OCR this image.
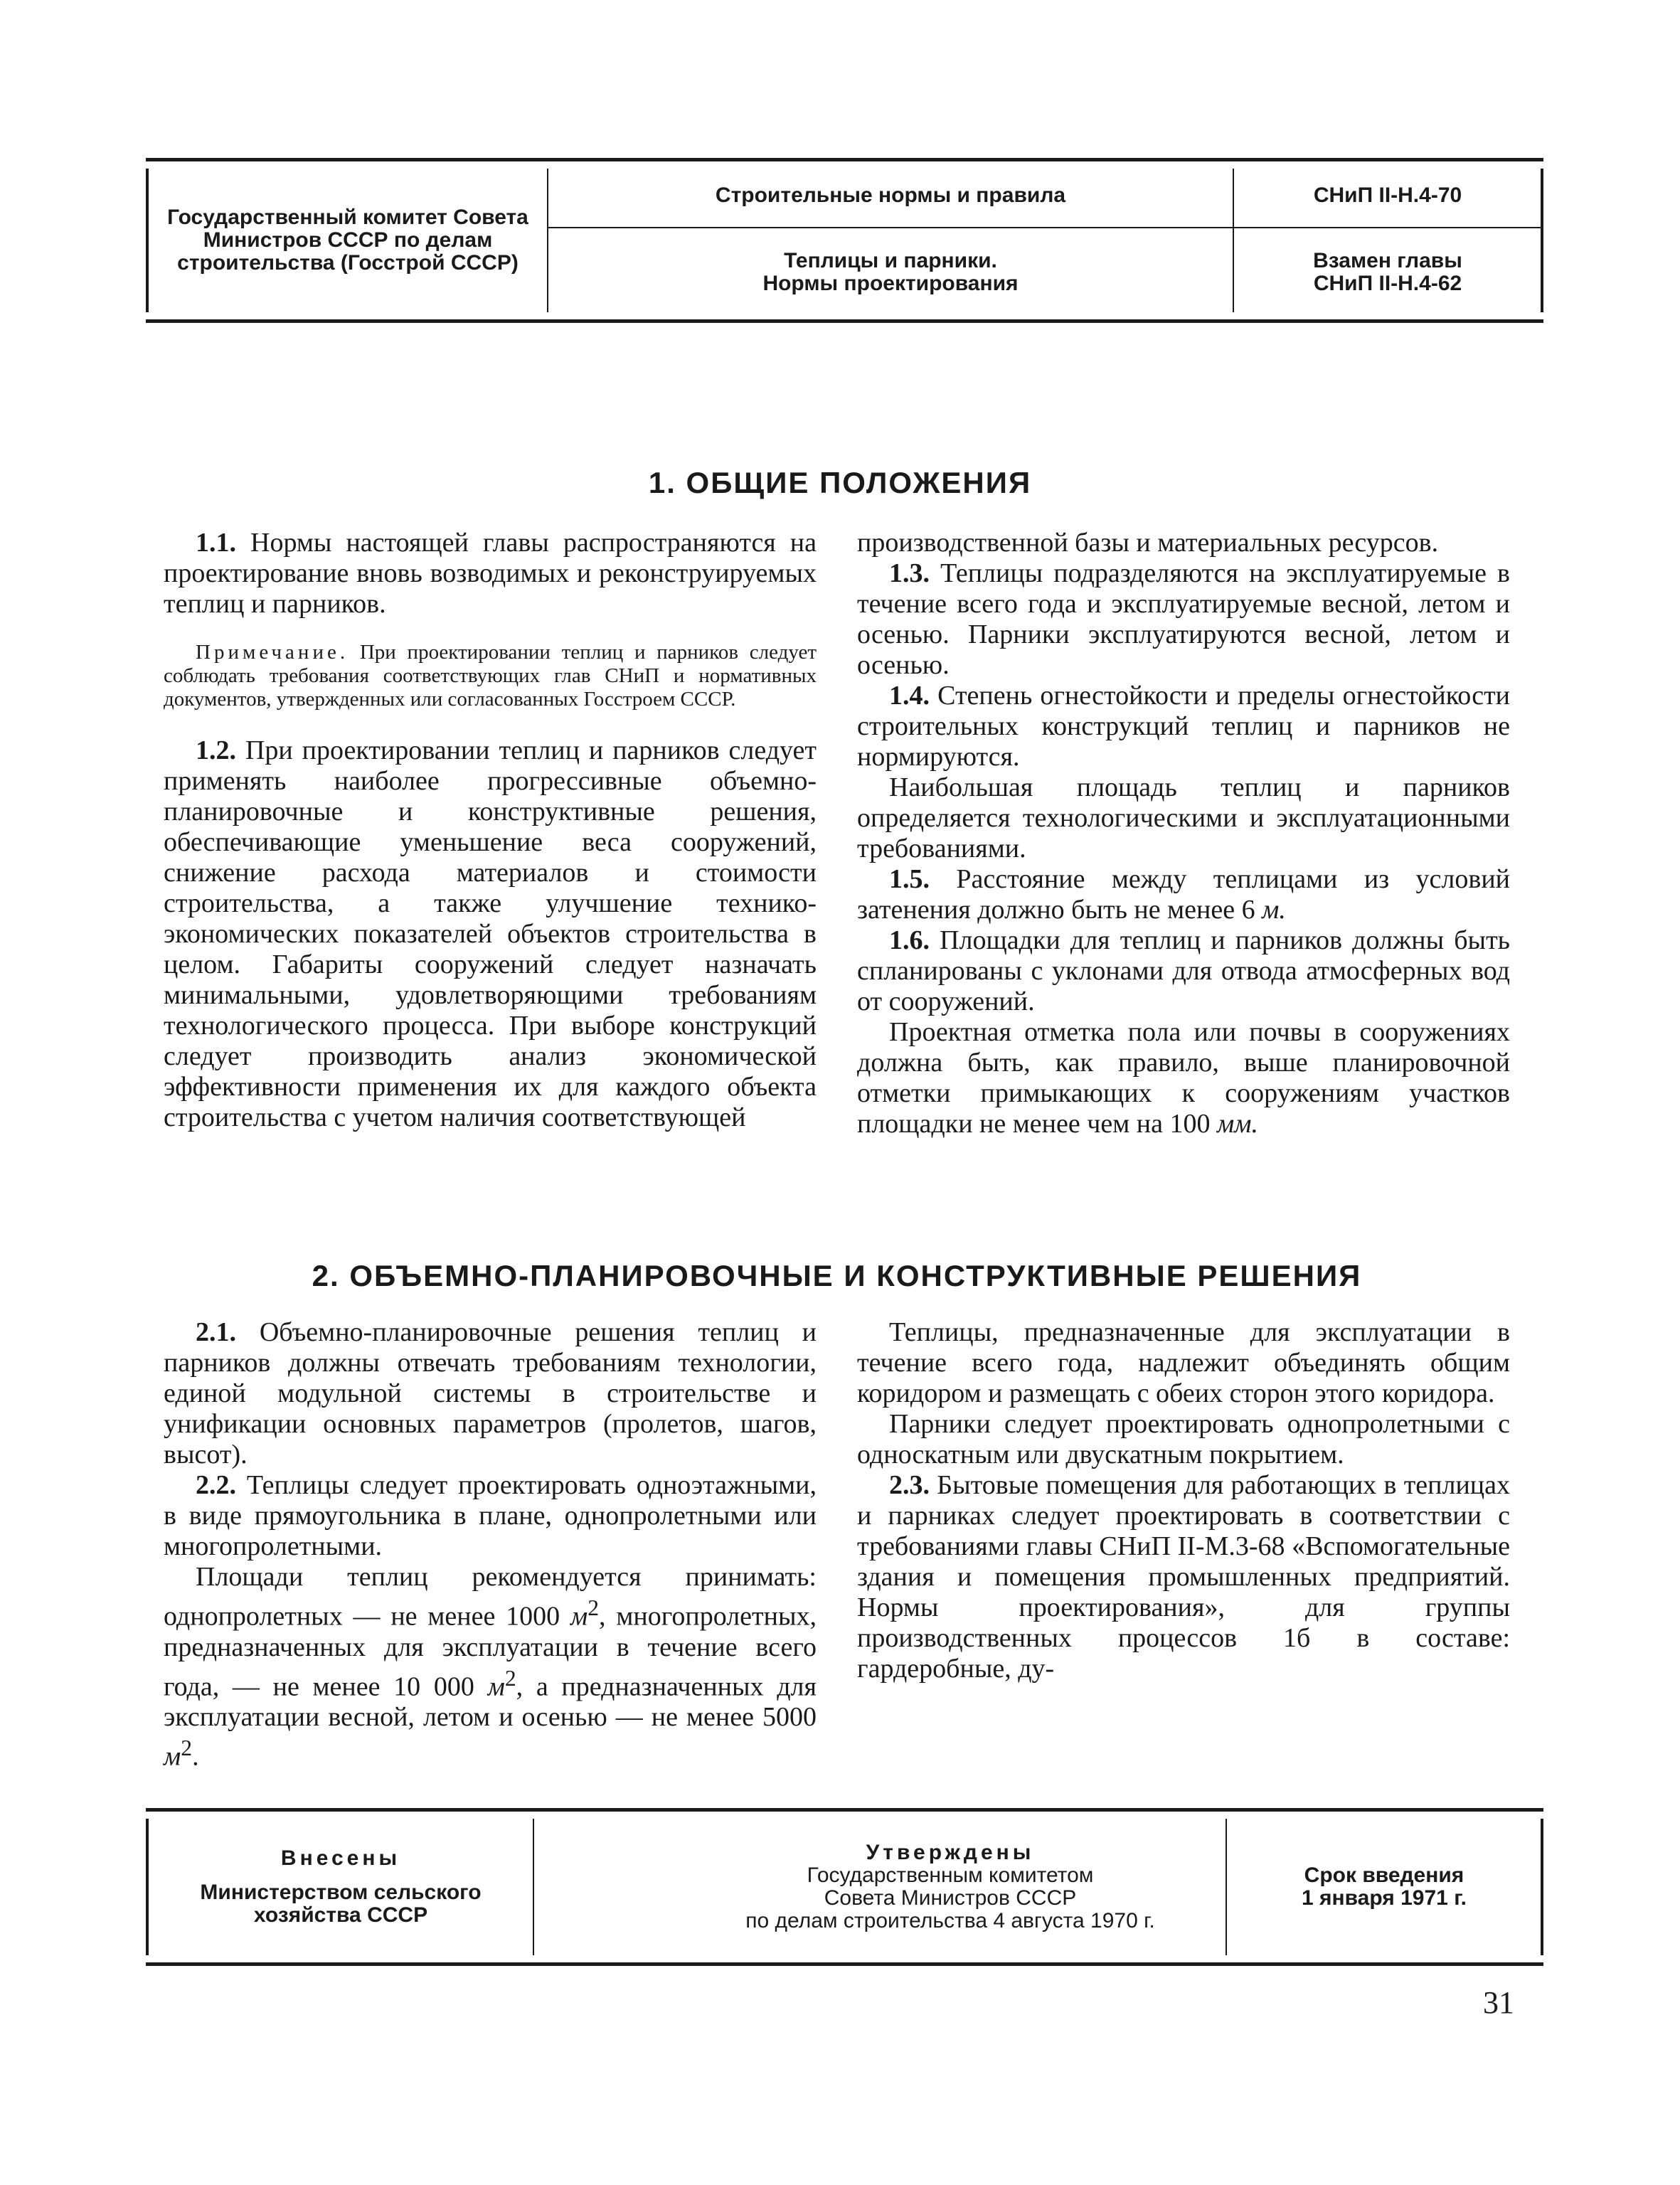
Государственный комитет Совета Министров СССР по делам строительства (Госстрой СССР)
Строительные нормы и правила
Теплицы и парники.
Нормы проектирования
СНиП II-Н.4-70
Взамен главы
СНиП II-Н.4-62
1. ОБЩИЕ ПОЛОЖЕНИЯ

1.1. Нормы настоящей главы распространяются на проектирование вновь возводимых и реконструируемых теплиц и парников.

Примечание. При проектировании теплиц и парников следует соблюдать требования соответствующих глав СНиП и нормативных документов, утвержденных или согласованных Госстроем СССР.

1.2. При проектировании теплиц и парников следует применять наиболее прогрессивные объемно-планировочные и конструктивные решения, обеспечивающие уменьшение веса сооружений, снижение расхода материалов и стоимости строительства, а также улучшение технико-экономических показателей объектов строительства в целом. Габариты сооружений следует назначать минимальными, удовлетворяющими требованиям технологического процесса. При выборе конструкций следует производить анализ экономической эффективности применения их для каждого объекта строительства с учетом наличия соответствующей

производственной базы и материальных ресурсов.

1.3. Теплицы подразделяются на эксплуатируемые в течение всего года и эксплуатируемые весной, летом и осенью. Парники эксплуатируются весной, летом и осенью.

1.4. Степень огнестойкости и пределы огнестойкости строительных конструкций теплиц и парников не нормируются.

Наибольшая площадь теплиц и парников определяется технологическими и эксплуатационными требованиями.

1.5. Расстояние между теплицами из условий затенения должно быть не менее 6 м.

1.6. Площадки для теплиц и парников должны быть спланированы с уклонами для отвода атмосферных вод от сооружений.

Проектная отметка пола или почвы в сооружениях должна быть, как правило, выше планировочной отметки примыкающих к сооружениям участков площадки не менее чем на 100 мм.

2. ОБЪЕМНО-ПЛАНИРОВОЧНЫЕ И КОНСТРУКТИВНЫЕ РЕШЕНИЯ

2.1. Объемно-планировочные решения теплиц и парников должны отвечать требованиям технологии, единой модульной системы в строительстве и унификации основных параметров (пролетов, шагов, высот).

2.2. Теплицы следует проектировать одноэтажными, в виде прямоугольника в плане, однопролетными или многопролетными.

Площади теплиц рекомендуется принимать: однопролетных — не менее 1000 $м^2$, многопролетных, предназначенных для эксплуатации в течение всего года, — не менее 10 000 $м^2$, а предназначенных для эксплуатации весной, летом и осенью — не менее 5000 $м^2$.

Теплицы, предназначенные для эксплуатации в течение всего года, надлежит объединять общим коридором и размещать с обеих сторон этого коридора.

Парники следует проектировать однопролетными с односкатным или двускатным покрытием.

2.3. Бытовые помещения для работающих в теплицах и парниках следует проектировать в соответствии с требованиями главы СНиП II-М.3-68 «Вспомогательные здания и помещения промышленных предприятий. Нормы проектирования», для группы производственных процессов 1б в составе: гардеробные, ду-

Внесены
Министерством сельского
хозяйства СССР
Утверждены
Государственным комитетом
Совета Министров СССР
по делам строительства 4 августа 1970 г.
Срок введения
1 января 1971 г.
31
